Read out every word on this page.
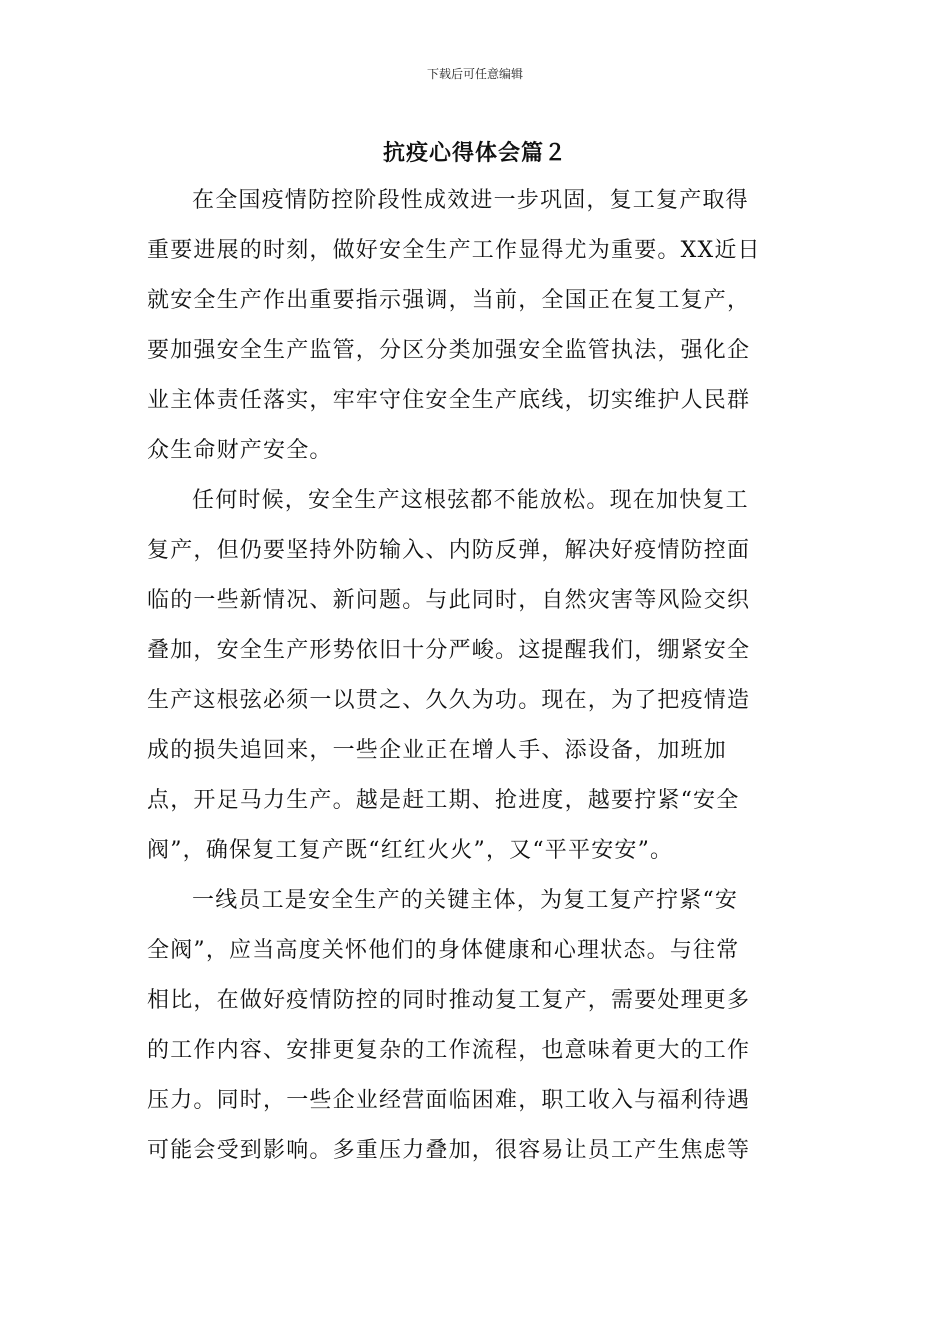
下载后可任意编辑
抗疫心得体会篇２
在全国疫情防控阶段性成效进一步巩固，复工复产取得
重要进展的时刻，做好安全生产工作显得尤为重要。XX近日
就安全生产作出重要指示强调，当前，全国正在复工复产，
要加强安全生产监管，分区分类加强安全监管执法，强化企
业主体责任落实，牢牢守住安全生产底线，切实维护人民群
众生命财产安全。
任何时候，安全生产这根弦都不能放松。现在加快复工
复产，但仍要坚持外防输入、内防反弹，解决好疫情防控面
临的一些新情况、新问题。与此同时，自然灾害等风险交织
叠加，安全生产形势依旧十分严峻。这提醒我们，绷紧安全
生产这根弦必须一以贯之、久久为功。现在，为了把疫情造
成的损失追回来，一些企业正在增人手、添设备，加班加
点，开足马力生产。越是赶工期、抢进度，越要拧紧“安全
阀”，确保复工复产既“红红火火”，又“平平安安”。
一线员工是安全生产的关键主体，为复工复产拧紧“安
全阀”，应当高度关怀他们的身体健康和心理状态。与往常
相比，在做好疫情防控的同时推动复工复产，需要处理更多
的工作内容、安排更复杂的工作流程，也意味着更大的工作
压力。同时，一些企业经营面临困难，职工收入与福利待遇
可能会受到影响。多重压力叠加，很容易让员工产生焦虑等
